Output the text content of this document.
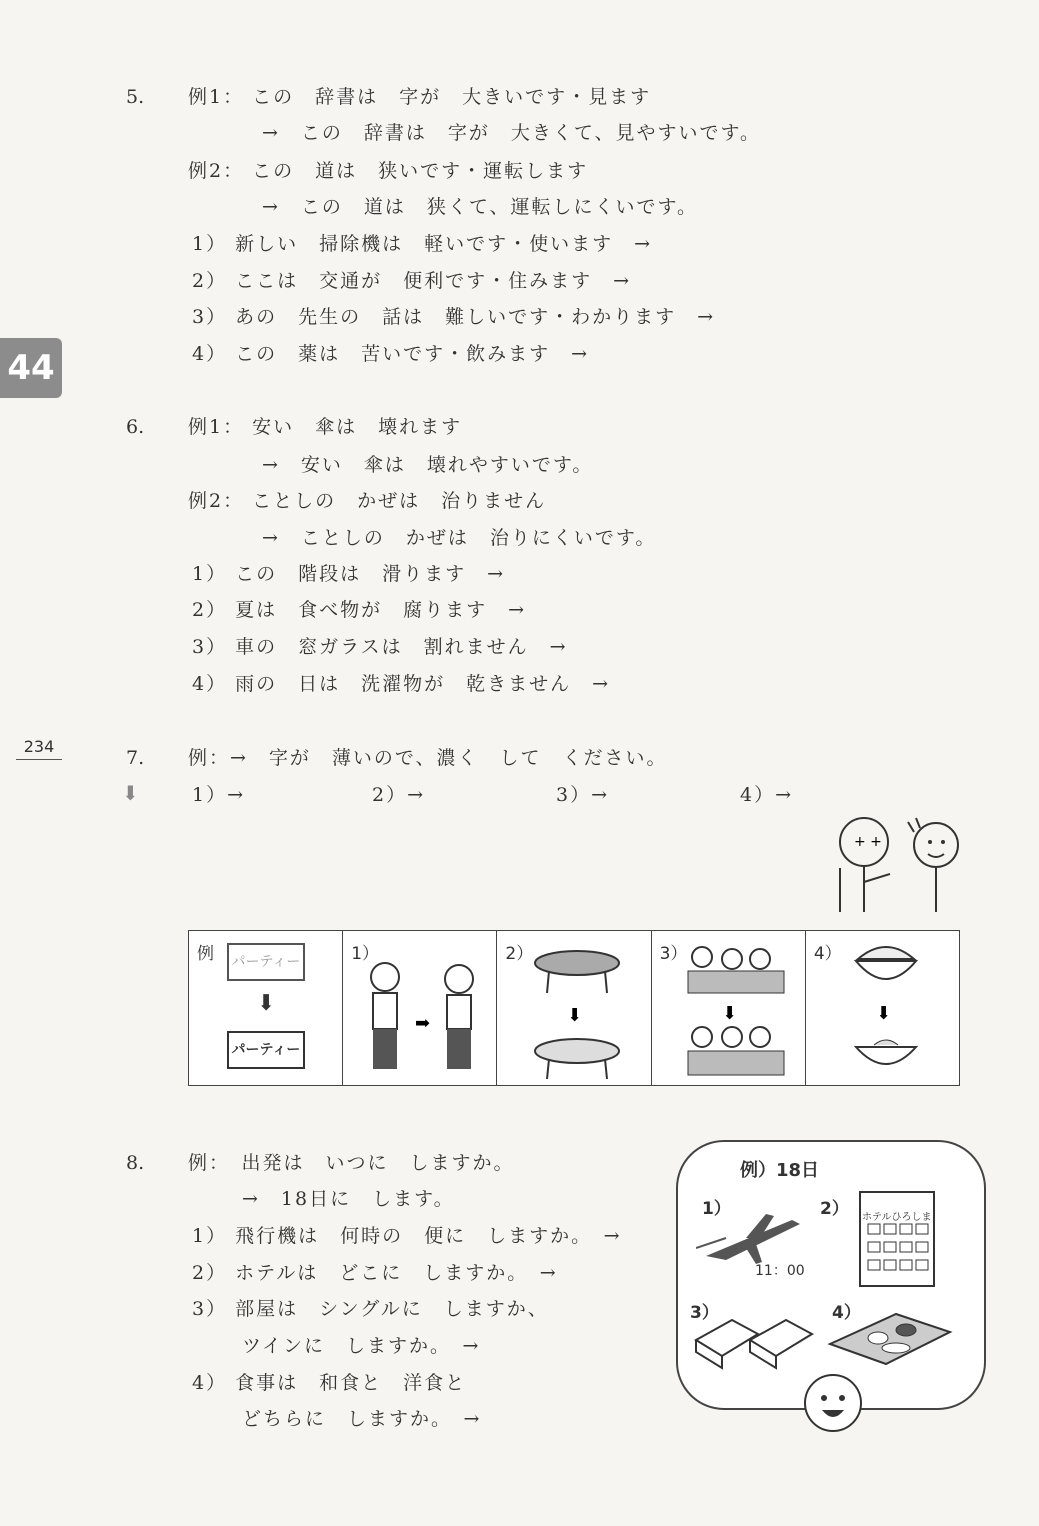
44
234
⬇
5. 例1： この　辞書は　字が　大きいです・見ます
→　この　辞書は　字が　大きくて、見やすいです。
例2： この　道は　狭いです・運転します
→　この　道は　狭くて、運転しにくいです。
1） 新しい　掃除機は　軽いです・使います　→
2） ここは　交通が　便利です・住みます　→
3） あの　先生の　話は　難しいです・わかります　→
4） この　薬は　苦いです・飲みます　→
6. 例1： 安い　傘は　壊れます
→　安い　傘は　壊れやすいです。
例2： ことしの　かぜは　治りません
→　ことしの　かぜは　治りにくいです。
1） この　階段は　滑ります　→
2） 夏は　食べ物が　腐ります　→
3） 車の　窓ガラスは　割れません　→
4） 雨の　日は　洗濯物が　乾きません　→
7. 例：→　字が　薄いので、濃く　して　ください。
1）→	2）→	3）→	4）→
+ +
例	パーティー
⬇
パーティー
1）
➡
2）
⬇
3）
⬇
4）
⬇
8. 例：　出発は　いつに　しますか。
→　18日に　します。
1） 飛行機は　何時の　便に　しますか。　→
2） ホテルは　どこに　しますか。　→
3） 部屋は　シングルに　しますか、
ツインに　しますか。　→
4） 食事は　和食と　洋食と
どちらに　しますか。　→
例）18日
1）	2）
3）	4）
11：00
ホテルひろしま
